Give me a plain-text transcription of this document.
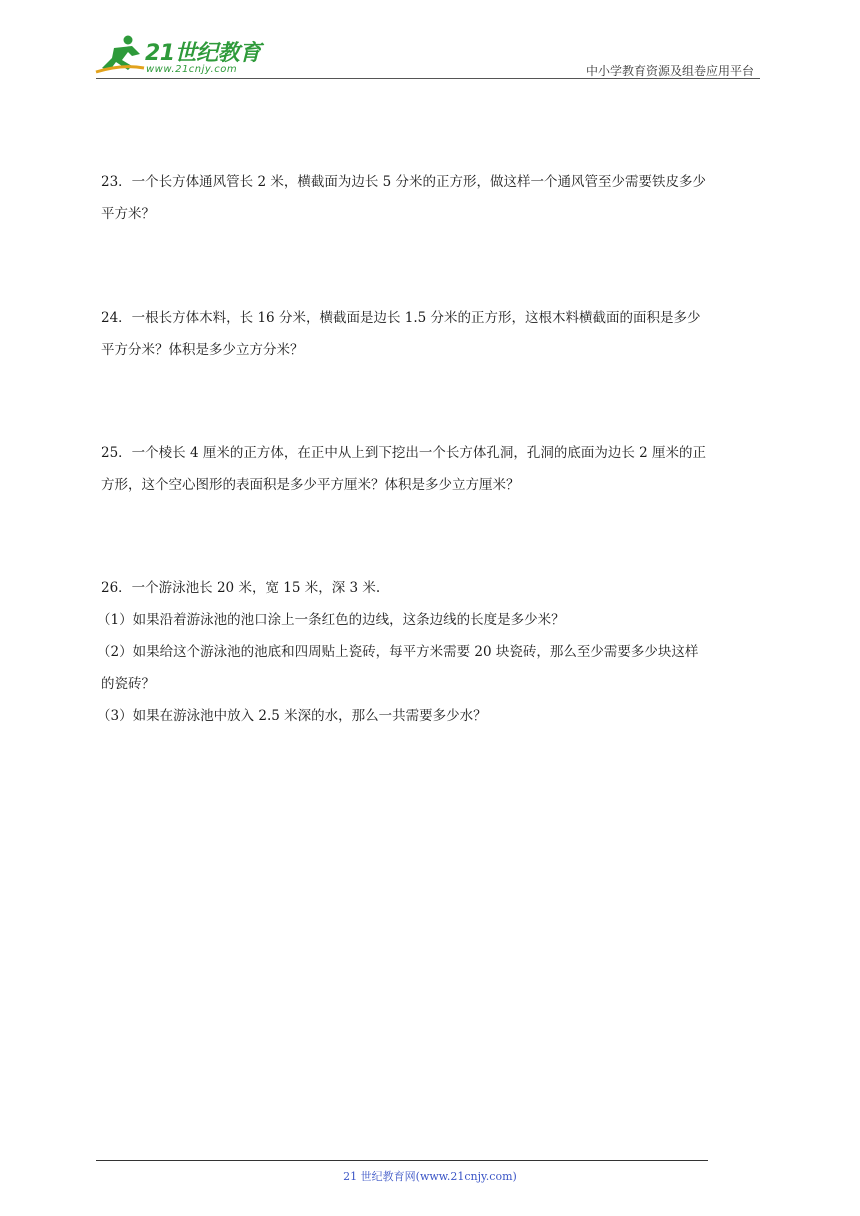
21世纪教育
www.21cnjy.com	中小学教育资源及组卷应用平台

23．一个长方体通风管长 2 米，横截面为边长 5 分米的正方形，做这样一个通风管至少需要铁皮多少

平方米？

24．一根长方体木料，长 16 分米，横截面是边长 1.5 分米的正方形，这根木料横截面的面积是多少

平方分米？体积是多少立方分米？

25．一个棱长 4 厘米的正方体，在正中从上到下挖出一个长方体孔洞，孔洞的底面为边长 2 厘米的正

方形，这个空心图形的表面积是多少平方厘米？体积是多少立方厘米？

26．一个游泳池长 20 米，宽 15 米，深 3 米.

（1）如果沿着游泳池的池口涂上一条红色的边线，这条边线的长度是多少米？

（2）如果给这个游泳池的池底和四周贴上瓷砖，每平方米需要 20 块瓷砖，那么至少需要多少块这样

的瓷砖？

（3）如果在游泳池中放入 2.5 米深的水，那么一共需要多少水？

21 世纪教育网(www.21cnjy.com)
